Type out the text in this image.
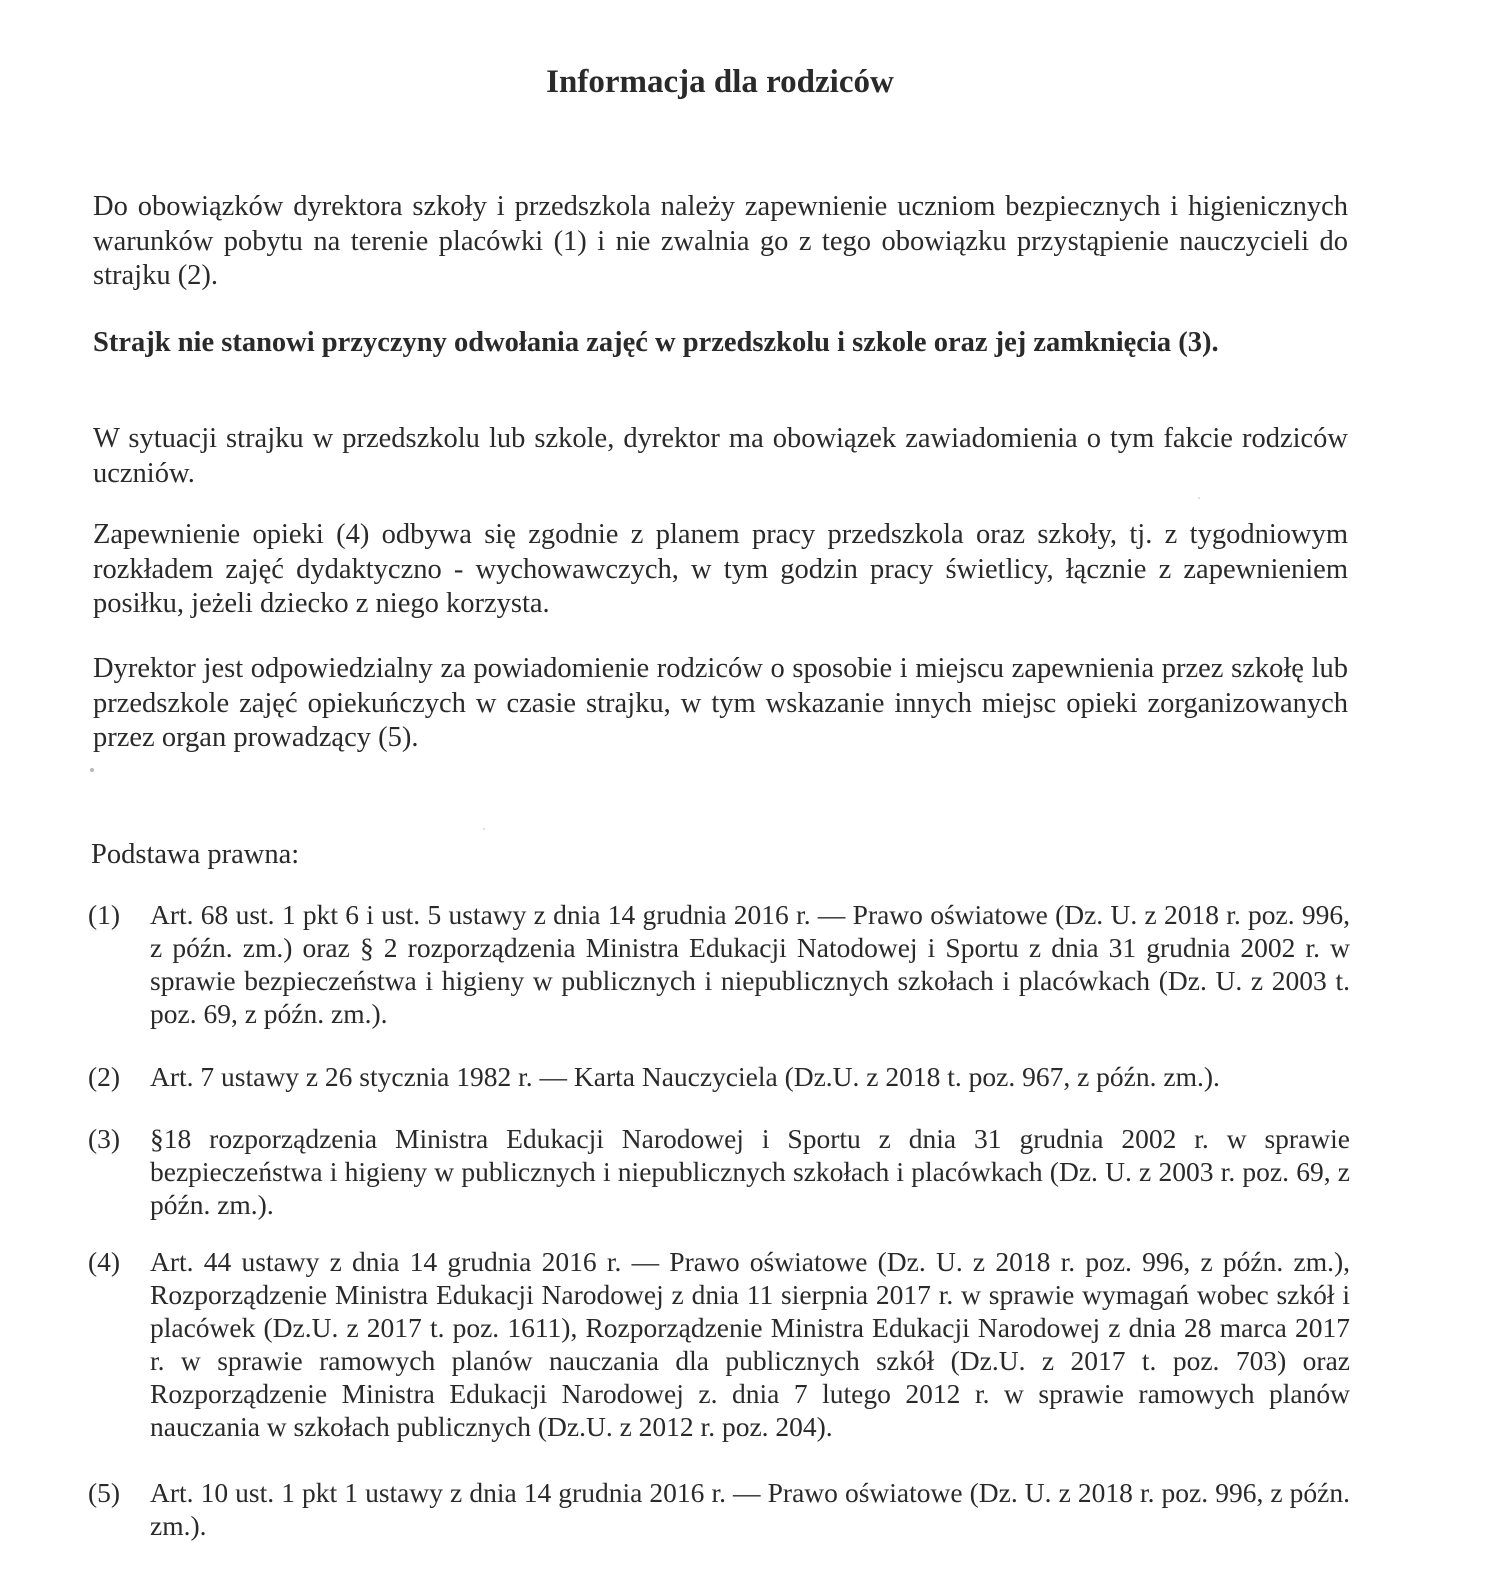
Informacja dla rodziców
Do obowiązków dyrektora szkoły i przedszkola należy zapewnienie uczniom bezpiecznych i higienicznych warunków pobytu na terenie placówki (1) i nie zwalnia go z tego obowiązku przystąpienie nauczycieli do strajku (2).
Strajk nie stanowi przyczyny odwołania zajęć w przedszkolu i szkole oraz jej zamknięcia (3).
W sytuacji strajku w przedszkolu lub szkole, dyrektor ma obowiązek zawiadomienia o tym fakcie rodziców uczniów.
Zapewnienie opieki (4) odbywa się zgodnie z planem pracy przedszkola oraz szkoły, tj. z tygodniowym rozkładem zajęć dydaktyczno - wychowawczych, w tym godzin pracy świetlicy, łącznie z zapewnieniem posiłku, jeżeli dziecko z niego korzysta.
Dyrektor jest odpowiedzialny za powiadomienie rodziców o sposobie i miejscu zapewnienia przez szkołę lub przedszkole zajęć opiekuńczych w czasie strajku, w tym wskazanie innych miejsc opieki zorganizowanych przez organ prowadzący (5).
Podstawa prawna:
(1)	Art. 68 ust. 1 pkt 6 i ust. 5 ustawy z dnia 14 grudnia 2016 r. — Prawo oświatowe (Dz. U. z 2018 r. poz. 996, z późn. zm.) oraz § 2 rozporządzenia Ministra Edukacji Natodowej i Sportu z dnia 31 grudnia 2002 r. w sprawie bezpieczeństwa i higieny w publicznych i niepublicznych szkołach i placówkach (Dz. U. z 2003 t. poz. 69, z późn. zm.).
(2)	Art. 7 ustawy z 26 stycznia 1982 r. — Karta Nauczyciela (Dz.U. z 2018 t. poz. 967, z późn. zm.).
(3)	§18 rozporządzenia Ministra Edukacji Narodowej i Sportu z dnia 31 grudnia 2002 r. w sprawie bezpieczeństwa i higieny w publicznych i niepublicznych szkołach i placówkach (Dz. U. z 2003 r. poz. 69, z późn. zm.).
(4)	Art. 44 ustawy z dnia 14 grudnia 2016 r. — Prawo oświatowe (Dz. U. z 2018 r. poz. 996, z późn. zm.), Rozporządzenie Ministra Edukacji Narodowej z dnia 11 sierpnia 2017 r. w sprawie wymagań wobec szkół i placówek (Dz.U. z 2017 t. poz. 1611), Rozporządzenie Ministra Edukacji Narodowej z dnia 28 marca 2017 r. w sprawie ramowych planów nauczania dla publicznych szkół (Dz.U. z 2017 t. poz. 703) oraz Rozporządzenie Ministra Edukacji Narodowej z. dnia 7 lutego 2012 r. w sprawie ramowych planów nauczania w szkołach publicznych (Dz.U. z 2012 r. poz. 204).
(5)	Art. 10 ust. 1 pkt 1 ustawy z dnia 14 grudnia 2016 r. — Prawo oświatowe (Dz. U. z 2018 r. poz. 996, z późn. zm.).
